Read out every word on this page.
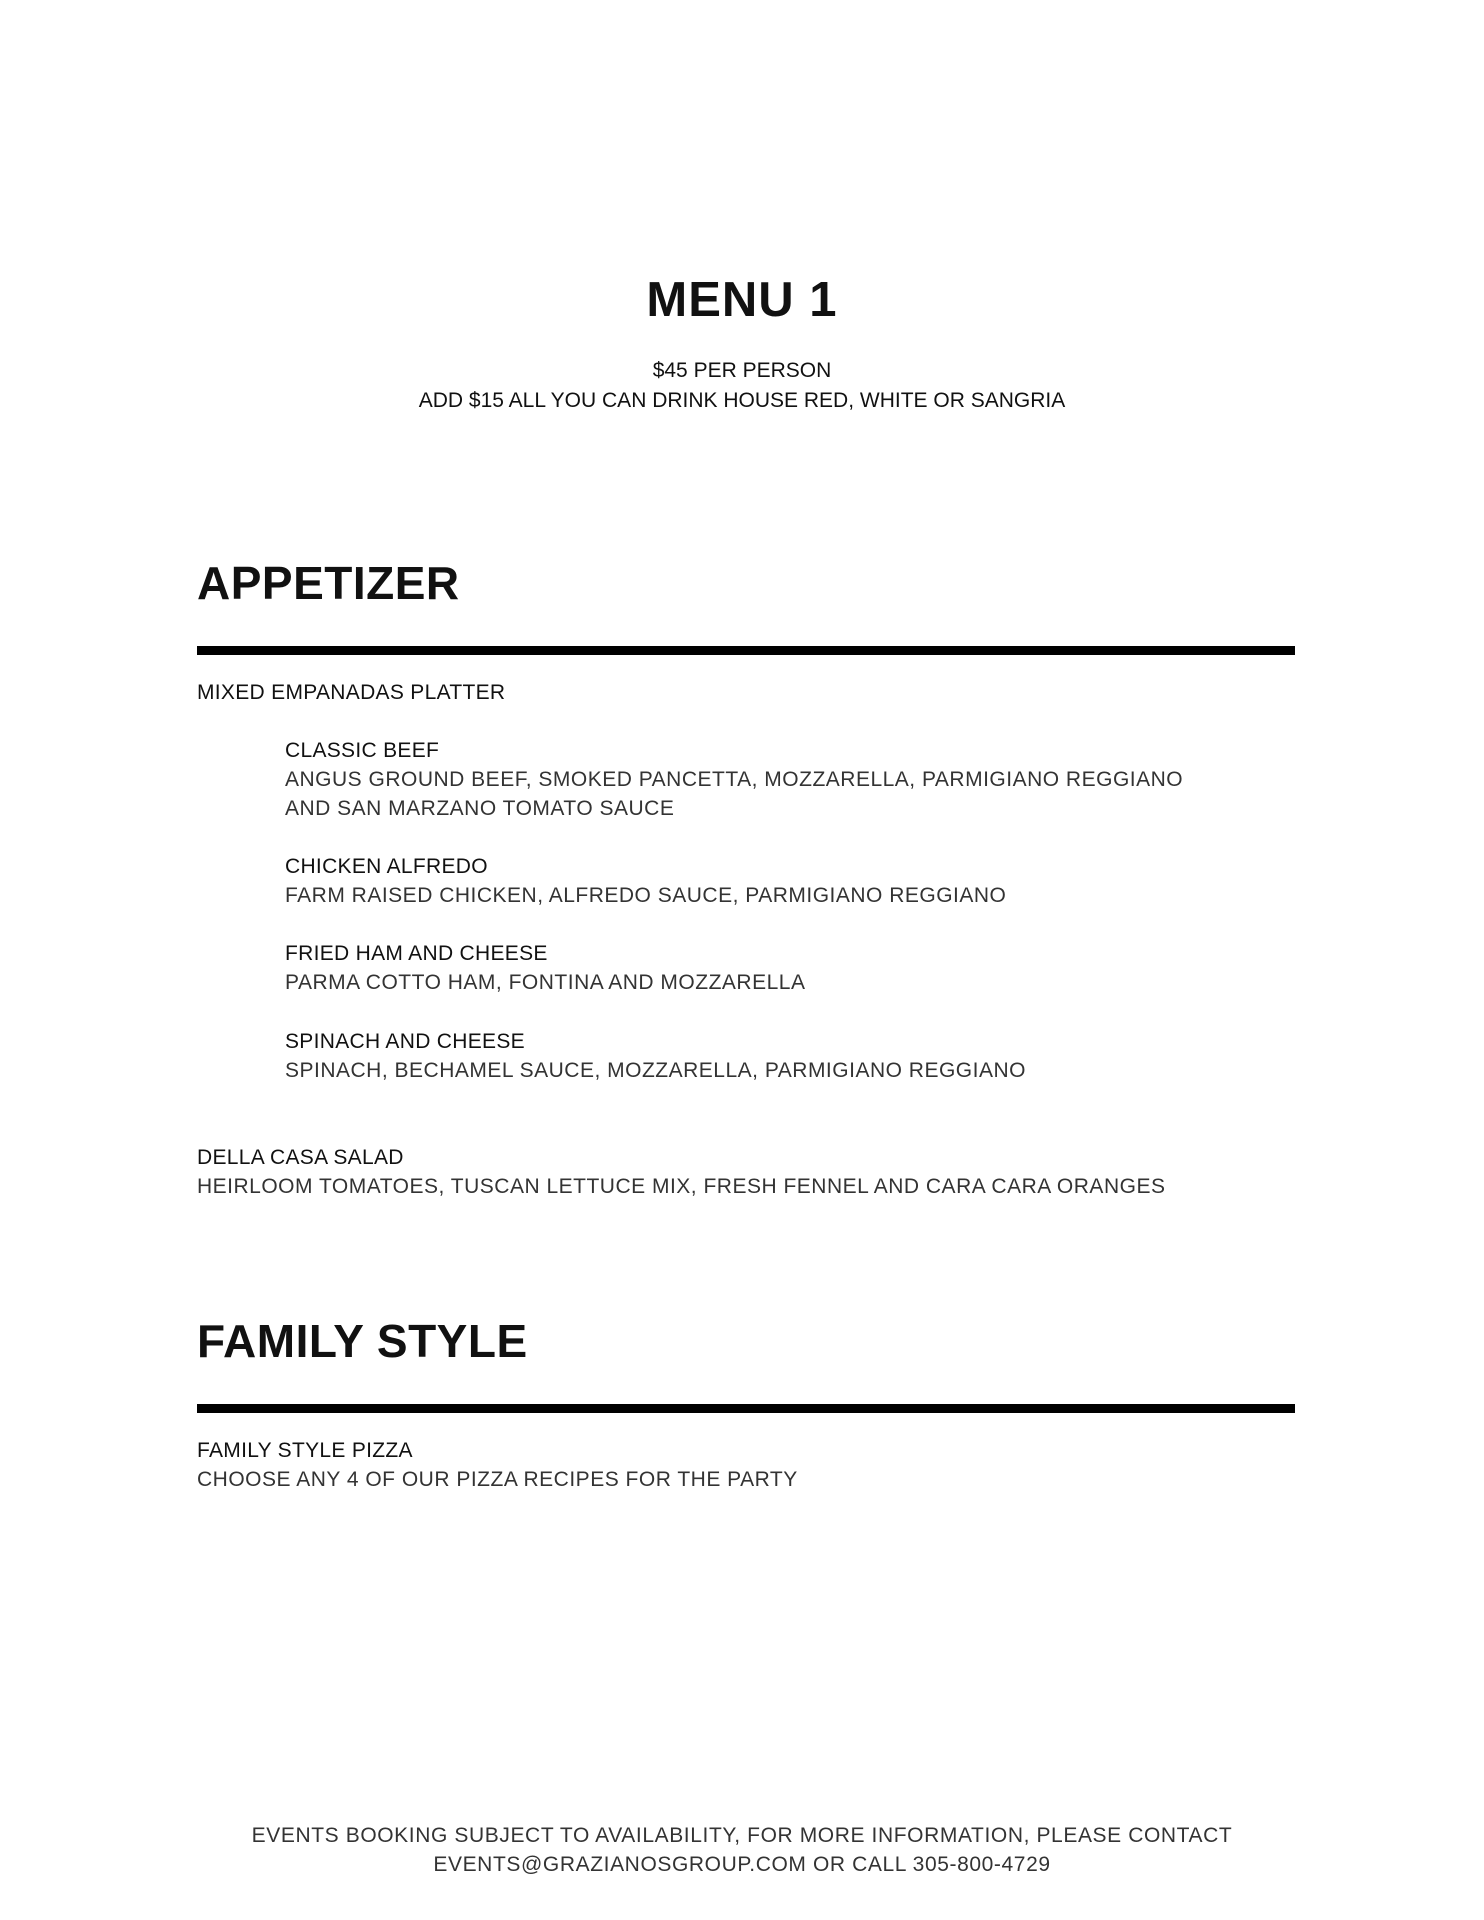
MENU 1
$45 PER PERSON
ADD $15 ALL YOU CAN DRINK HOUSE RED, WHITE OR SANGRIA
APPETIZER
MIXED EMPANADAS PLATTER
CLASSIC BEEF
ANGUS GROUND BEEF, SMOKED PANCETTA, MOZZARELLA, PARMIGIANO REGGIANO
AND SAN MARZANO TOMATO SAUCE
CHICKEN ALFREDO
FARM RAISED CHICKEN, ALFREDO SAUCE, PARMIGIANO REGGIANO
FRIED HAM AND CHEESE
PARMA COTTO HAM, FONTINA AND MOZZARELLA
SPINACH AND CHEESE
SPINACH, BECHAMEL SAUCE, MOZZARELLA, PARMIGIANO REGGIANO
DELLA CASA SALAD
HEIRLOOM TOMATOES, TUSCAN LETTUCE MIX, FRESH FENNEL AND CARA CARA ORANGES
FAMILY STYLE
FAMILY STYLE PIZZA
CHOOSE ANY 4 OF OUR PIZZA RECIPES FOR THE PARTY
EVENTS BOOKING SUBJECT TO AVAILABILITY, FOR MORE INFORMATION, PLEASE CONTACT
EVENTS@GRAZIANOSGROUP.COM OR CALL 305-800-4729
